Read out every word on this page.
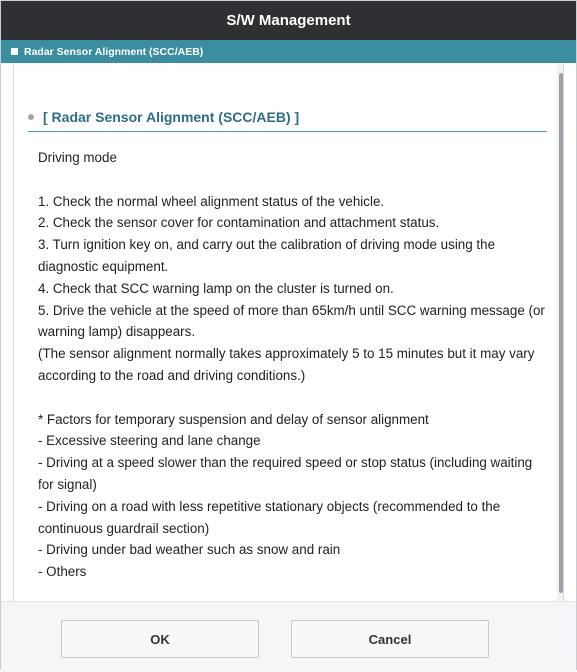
S/W Management
Radar Sensor Alignment (SCC/AEB)
[ Radar Sensor Alignment (SCC/AEB) ]
Driving mode

1. Check the normal wheel alignment status of the vehicle.
2. Check the sensor cover for contamination and attachment status.
3. Turn ignition key on, and carry out the calibration of driving mode using the diagnostic equipment.
4. Check that SCC warning lamp on the cluster is turned on.
5. Drive the vehicle at the speed of more than 65km/h until SCC warning message (or warning lamp) disappears.
(The sensor alignment normally takes approximately 5 to 15 minutes but it may vary according to the road and driving conditions.)

* Factors for temporary suspension and delay of sensor alignment
- Excessive steering and lane change
- Driving at a speed slower than the required speed or stop status (including waiting for signal)
- Driving on a road with less repetitive stationary objects (recommended to the continuous guardrail section)
- Driving under bad weather such as snow and rain
- Others
OK	Cancel
